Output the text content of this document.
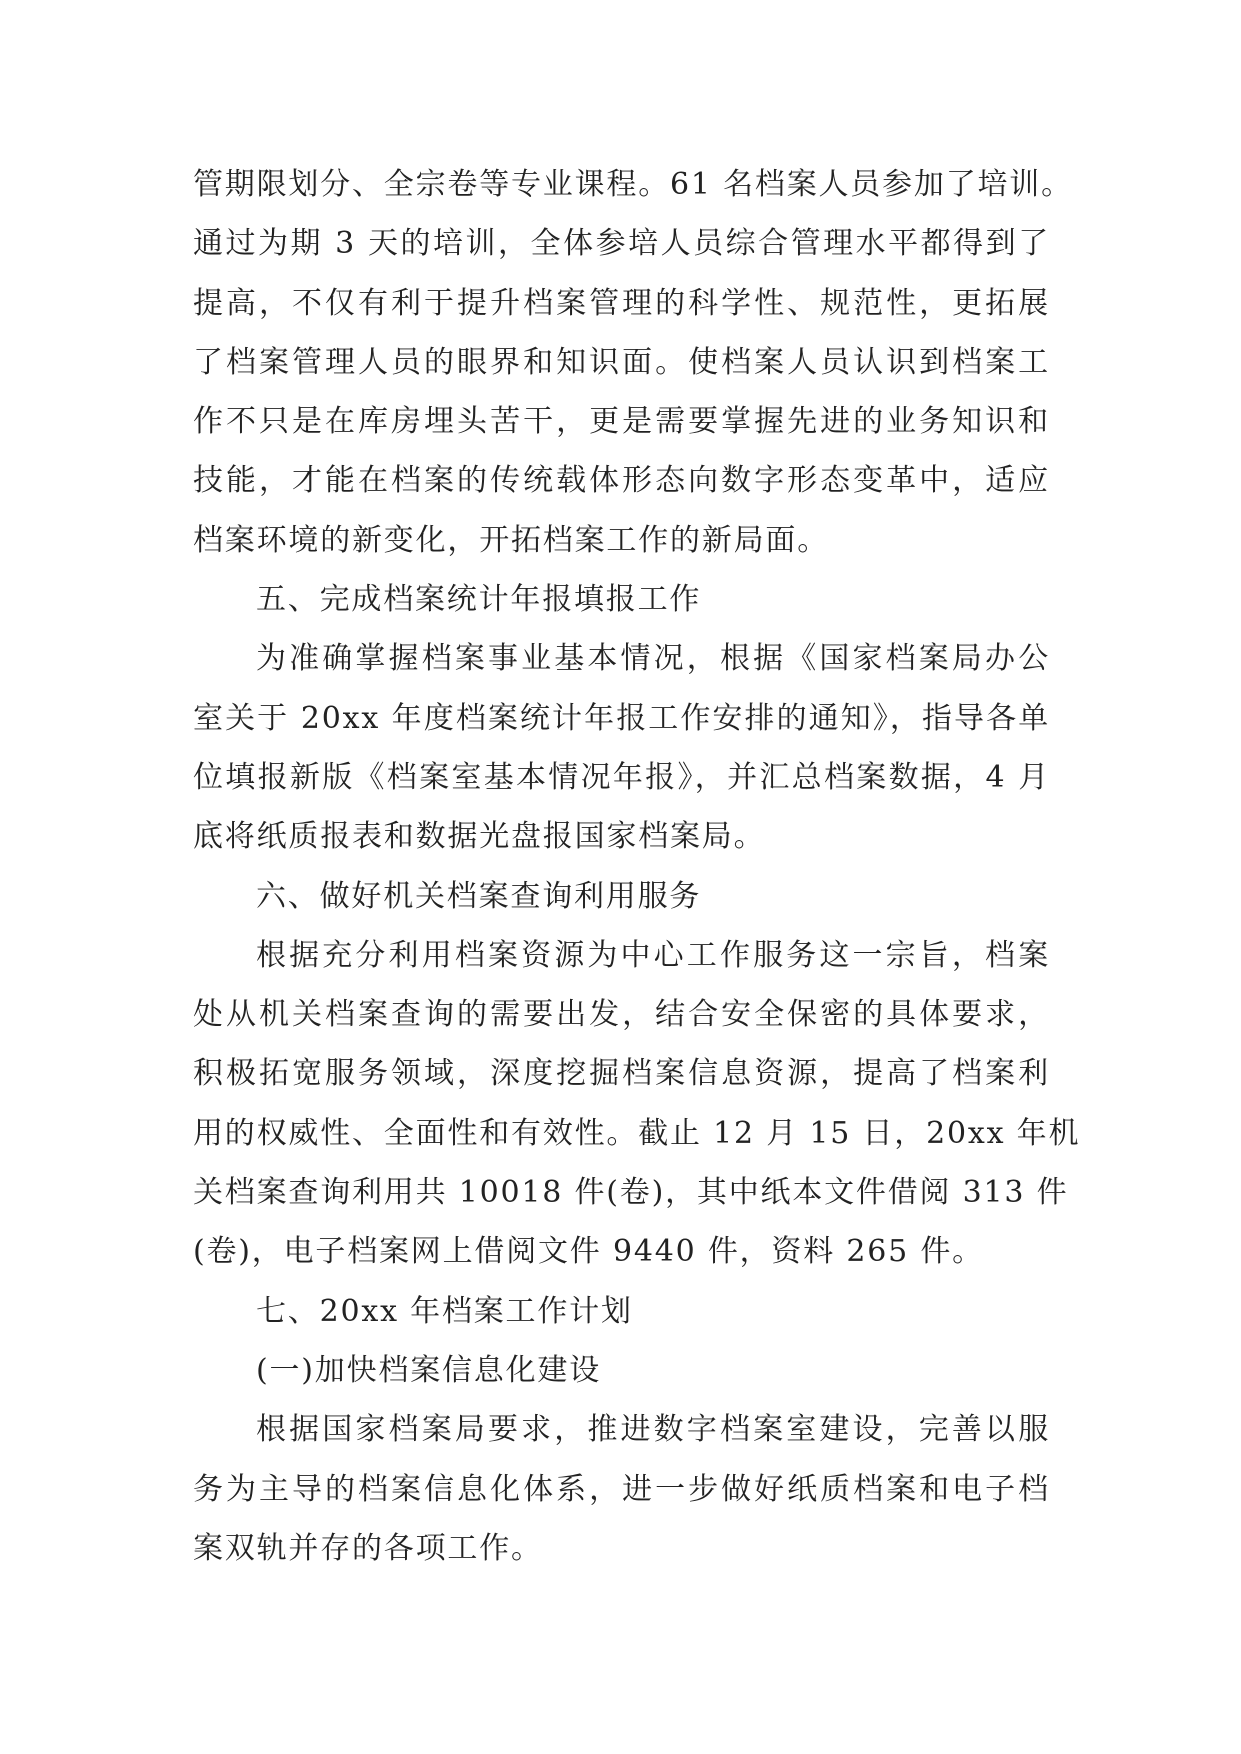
管期限划分、全宗卷等专业课程。61 名档案人员参加了培训。
通过为期 3 天的培训，全体参培人员综合管理水平都得到了
提高，不仅有利于提升档案管理的科学性、规范性，更拓展
了档案管理人员的眼界和知识面。使档案人员认识到档案工
作不只是在库房埋头苦干，更是需要掌握先进的业务知识和
技能，才能在档案的传统载体形态向数字形态变革中，适应
档案环境的新变化，开拓档案工作的新局面。
五、完成档案统计年报填报工作
为准确掌握档案事业基本情况，根据《国家档案局办公
室关于 20xx 年度档案统计年报工作安排的通知》，指导各单
位填报新版《档案室基本情况年报》，并汇总档案数据，4 月
底将纸质报表和数据光盘报国家档案局。
六、做好机关档案查询利用服务
根据充分利用档案资源为中心工作服务这一宗旨，档案
处从机关档案查询的需要出发，结合安全保密的具体要求，
积极拓宽服务领域，深度挖掘档案信息资源，提高了档案利
用的权威性、全面性和有效性。截止 12 月 15 日，20xx 年机
关档案查询利用共 10018 件(卷)，其中纸本文件借阅 313 件
(卷)，电子档案网上借阅文件 9440 件，资料 265 件。
七、20xx 年档案工作计划
(一)加快档案信息化建设
根据国家档案局要求，推进数字档案室建设，完善以服
务为主导的档案信息化体系，进一步做好纸质档案和电子档
案双轨并存的各项工作。
